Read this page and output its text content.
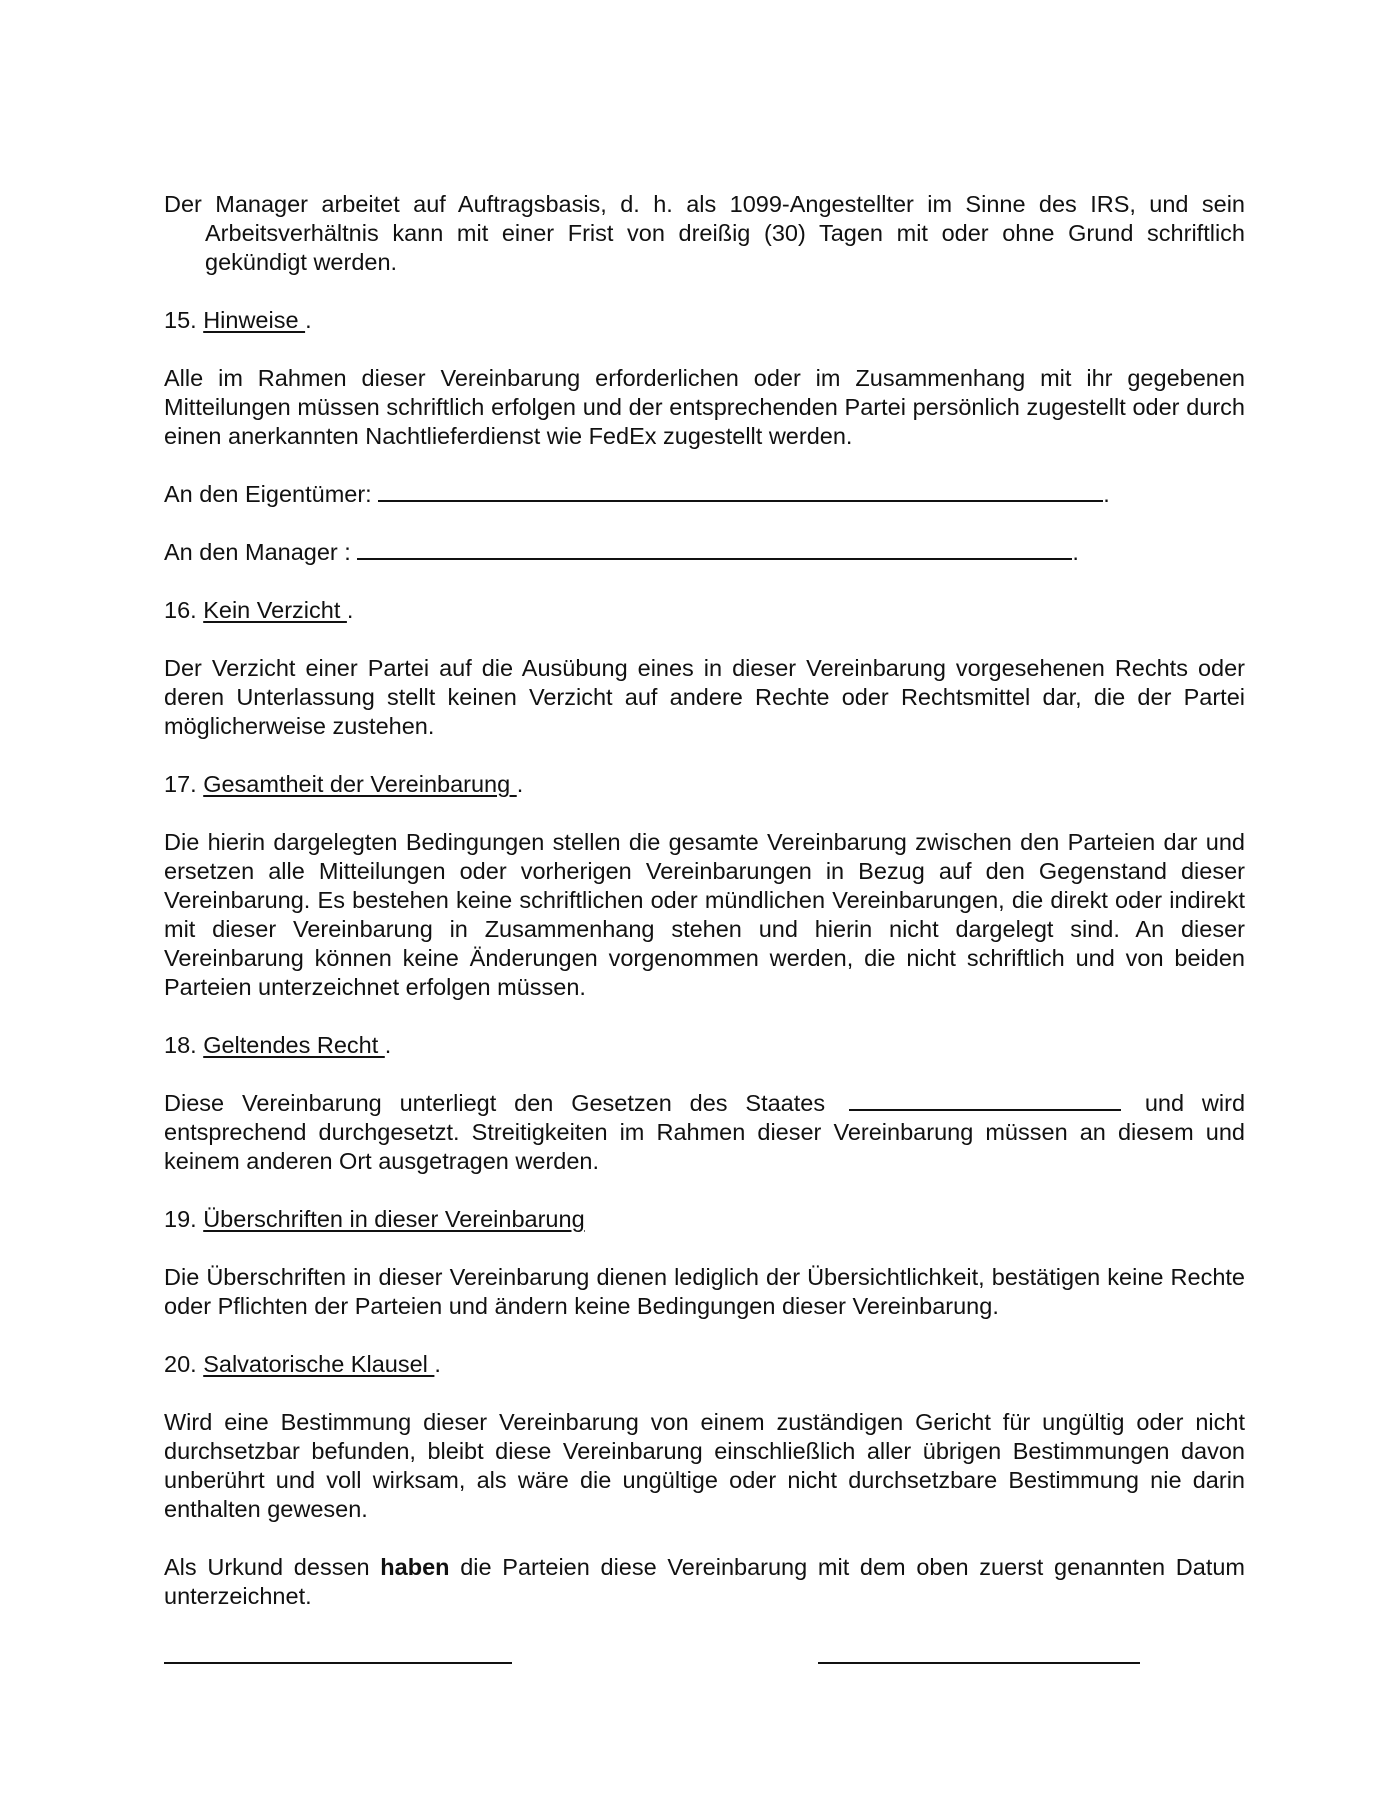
Der Manager arbeitet auf Auftragsbasis, d. h. als 1099-Angestellter im Sinne des IRS, und sein Arbeitsverhältnis kann mit einer Frist von dreißig (30) Tagen mit oder ohne Grund schriftlich gekündigt werden.

15. Hinweise .

Alle im Rahmen dieser Vereinbarung erforderlichen oder im Zusammenhang mit ihr gegebenen Mitteilungen müssen schriftlich erfolgen und der entsprechenden Partei persönlich zugestellt oder durch einen anerkannten Nachtlieferdienst wie FedEx zugestellt werden.

An den Eigentümer:	.
An den Manager :	.
16. Kein Verzicht .

Der Verzicht einer Partei auf die Ausübung eines in dieser Vereinbarung vorgesehenen Rechts oder deren Unterlassung stellt keinen Verzicht auf andere Rechte oder Rechtsmittel dar, die der Partei möglicherweise zustehen.

17. Gesamtheit der Vereinbarung .

Die hierin dargelegten Bedingungen stellen die gesamte Vereinbarung zwischen den Parteien dar und ersetzen alle Mitteilungen oder vorherigen Vereinbarungen in Bezug auf den Gegenstand dieser Vereinbarung. Es bestehen keine schriftlichen oder mündlichen Vereinbarungen, die direkt oder indirekt mit dieser Vereinbarung in Zusammenhang stehen und hierin nicht dargelegt sind. An dieser Vereinbarung können keine Änderungen vorgenommen werden, die nicht schriftlich und von beiden Parteien unterzeichnet erfolgen müssen.

18. Geltendes Recht .

Diese Vereinbarung unterliegt den Gesetzen des Staates	und wird entsprechend durchgesetzt. Streitigkeiten im Rahmen dieser Vereinbarung müssen an diesem und keinem anderen Ort ausgetragen werden.

19. Überschriften in dieser Vereinbarung

Die Überschriften in dieser Vereinbarung dienen lediglich der Übersichtlichkeit, bestätigen keine Rechte oder Pflichten der Parteien und ändern keine Bedingungen dieser Vereinbarung.

20. Salvatorische Klausel .

Wird eine Bestimmung dieser Vereinbarung von einem zuständigen Gericht für ungültig oder nicht durchsetzbar befunden, bleibt diese Vereinbarung einschließlich aller übrigen Bestimmungen davon unberührt und voll wirksam, als wäre die ungültige oder nicht durchsetzbare Bestimmung nie darin enthalten gewesen.

Als Urkund dessen haben die Parteien diese Vereinbarung mit dem oben zuerst genannten Datum unterzeichnet.
